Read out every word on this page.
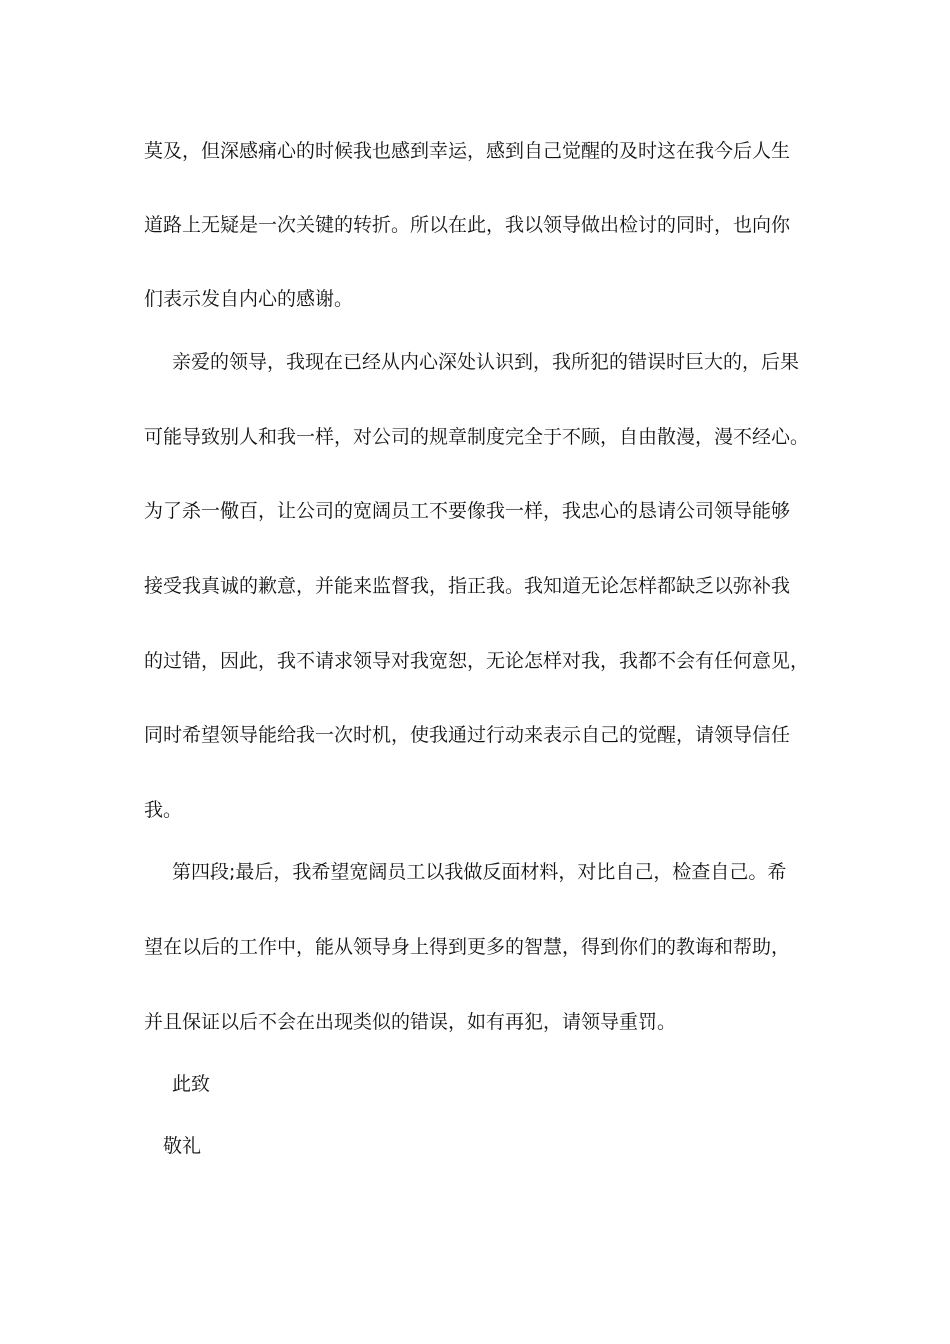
莫及，但深感痛心的时候我也感到幸运，感到自己觉醒的及时这在我今后人生

道路上无疑是一次关键的转折。所以在此，我以领导做出检讨的同时，也向你

们表示发自内心的感谢。

亲爱的领导，我现在已经从内心深处认识到，我所犯的错误时巨大的，后果

可能导致别人和我一样，对公司的规章制度完全于不顾，自由散漫，漫不经心。

为了杀一儆百，让公司的宽阔员工不要像我一样，我忠心的恳请公司领导能够

接受我真诚的歉意，并能来监督我，指正我。我知道无论怎样都缺乏以弥补我

的过错，因此，我不请求领导对我宽恕，无论怎样对我，我都不会有任何意见，

同时希望领导能给我一次时机，使我通过行动来表示自己的觉醒，请领导信任

我。

第四段;最后，我希望宽阔员工以我做反面材料，对比自己，检查自己。希

望在以后的工作中，能从领导身上得到更多的智慧，得到你们的教诲和帮助，

并且保证以后不会在出现类似的错误，如有再犯，请领导重罚。

此致

敬礼
